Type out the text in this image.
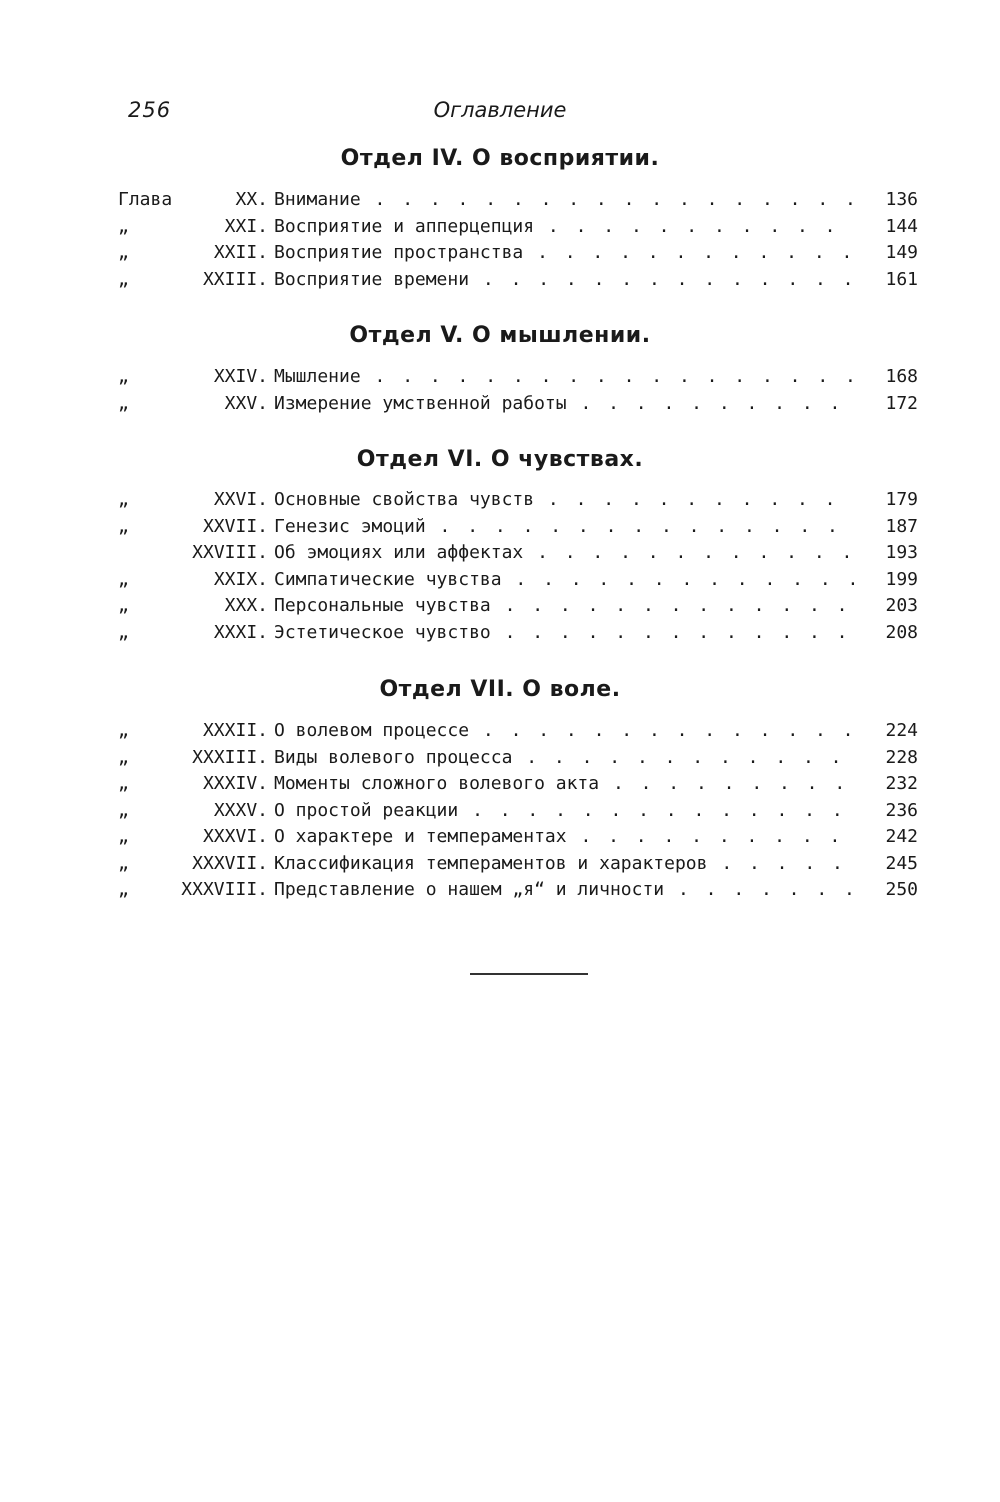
256	Оглавление
Отдел IV. О восприятии.
Глава	XX. Внимание . . .	136
„	XXI. Восприятие и апперцепция . . .	144
„	XXII. Восприятие пространства . . .	149
„	XXIII. Восприятие времени . . .	161
Отдел V. О мышлении.
„	XXIV. Мышление . . .	168
„	XXV. Измерение умственной работы . . .	172
Отдел VI. О чувствах.
„	XXVI. Основные свойства чувств . . .	179
„	XXVII. Генезис эмоций . . .	187
XXVIII. Об эмоциях или аффектах . . .	193
„	XXIX. Симпатические чувства . . .	199
„	XXX. Персональные чувства . . .	203
„	XXXI. Эстетическое чувство . . .	208
Отдел VII. О воле.
„	XXXII. О волевом процессе . . .	224
„	XXXIII. Виды волевого процесса . . .	228
„	XXXIV. Моменты сложного волевого акта . . .	232
„	XXXV. О простой реакции . . .	236
„	XXXVI. О характере и темпераментах . . .	242
„	XXXVII. Классификация темпераментов и характеров . . .	245
„	XXXVIII. Представление о нашем „я“ и личности . . .	250
